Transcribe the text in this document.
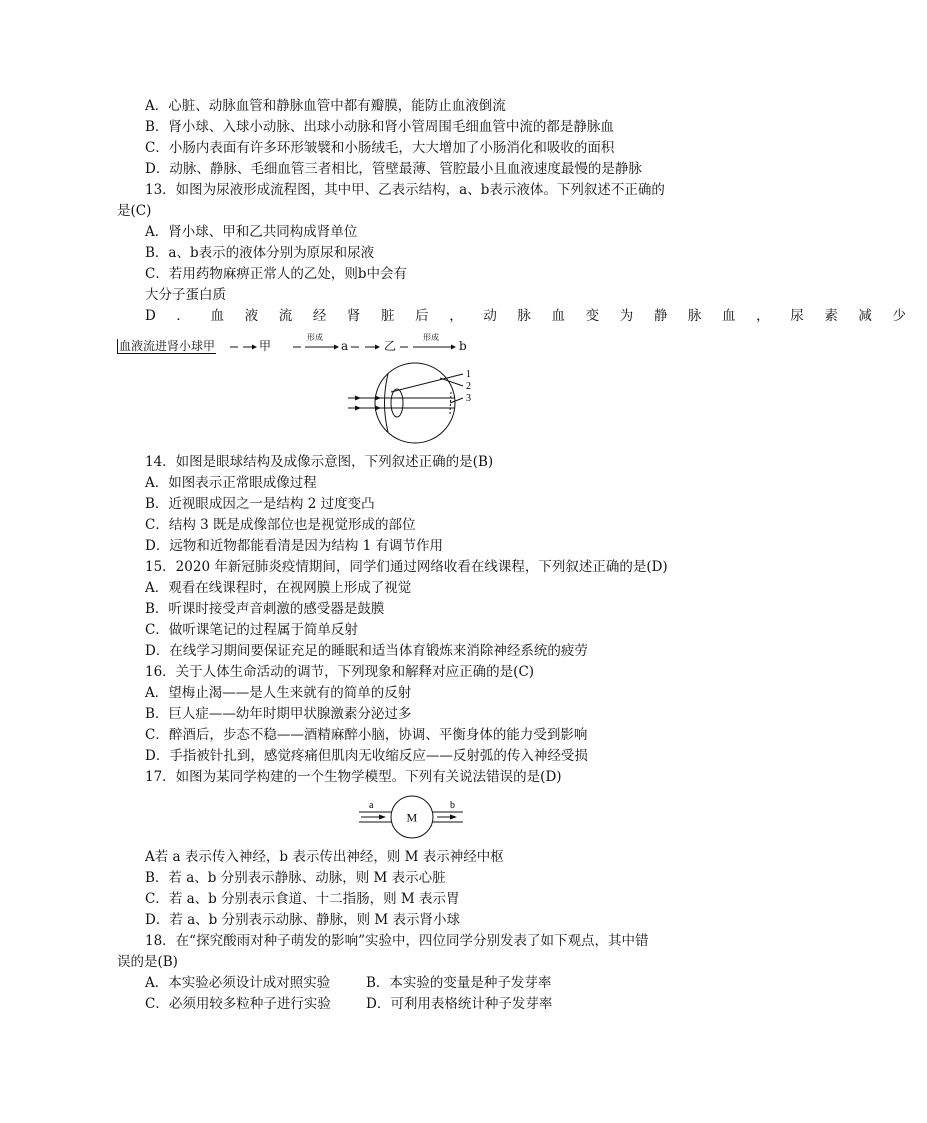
A．心脏、动脉血管和静脉血管中都有瓣膜，能防止血液倒流
B．肾小球、入球小动脉、出球小动脉和肾小管周围毛细血管中流的都是静脉血
C．小肠内表面有许多环形皱襞和小肠绒毛，大大增加了小肠消化和吸收的面积
D．动脉、静脉、毛细血管三者相比，管壁最薄、管腔最小且血液速度最慢的是静脉
13．如图为尿液形成流程图，其中甲、乙表示结构，a、b表示液体。下列叙述不正确的
是(C)
A．肾小球、甲和乙共同构成肾单位
B．a、b表示的液体分别为原尿和尿液
C．若用药物麻痹正常人的乙处，则b中会有
大分子蛋白质
D．血液流经肾脏后，动脉血变为静脉血，尿素减少
血液流进肾小球甲	甲
形成
a	乙
形成
b
1
2
3
14．如图是眼球结构及成像示意图，下列叙述正确的是(B)
A．如图表示正常眼成像过程
B．近视眼成因之一是结构 2 过度变凸
C．结构 3 既是成像部位也是视觉形成的部位
D．远物和近物都能看清是因为结构 1 有调节作用
15．2020 年新冠肺炎疫情期间，同学们通过网络收看在线课程，下列叙述正确的是(D)
A．观看在线课程时，在视网膜上形成了视觉
B．听课时接受声音刺激的感受器是鼓膜
C．做听课笔记的过程属于简单反射
D．在线学习期间要保证充足的睡眠和适当体育锻炼来消除神经系统的疲劳
16．关于人体生命活动的调节，下列现象和解释对应正确的是(C)
A．望梅止渴——是人生来就有的简单的反射
B．巨人症——幼年时期甲状腺激素分泌过多
C．醉酒后，步态不稳——酒精麻醉小脑，协调、平衡身体的能力受到影响
D．手指被针扎到，感觉疼痛但肌肉无收缩反应——反射弧的传入神经受损
17．如图为某同学构建的一个生物学模型。下列有关说法错误的是(D)
a
M
b
A若 a 表示传入神经，b 表示传出神经，则 M 表示神经中枢
B．若 a、b 分别表示静脉、动脉，则 M 表示心脏
C．若 a、b 分别表示食道、十二指肠，则 M 表示胃
D．若 a、b 分别表示动脉、静脉，则 M 表示肾小球
18．在“探究酸雨对种子萌发的影响”实验中，四位同学分别发表了如下观点，其中错
误的是(B)
A．本实验必须设计成对照实验	B．本实验的变量是种子发芽率
C．必须用较多粒种子进行实验	D．可利用表格统计种子发芽率
